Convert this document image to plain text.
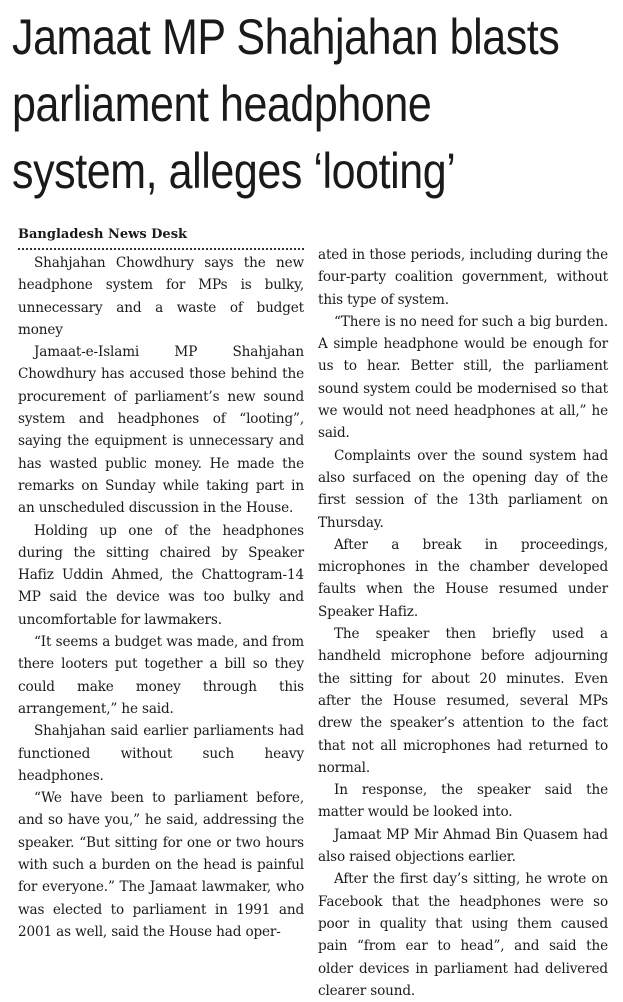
Jamaat MP Shahjahan blasts
parliament headphone
system, alleges ‘looting’
Bangladesh News Desk

Shahjahan Chowdhury says the new headphone system for MPs is bulky, unnecessary and a waste of budget money

Jamaat-e-Islami MP Shahjahan Chowdhury has accused those behind the procurement of parliament’s new sound system and headphones of “looting”, saying the equipment is unnecessary and has wasted public money. He made the remarks on Sunday while taking part in an unscheduled discussion in the House.

Holding up one of the headphones during the sitting chaired by Speaker Hafiz Uddin Ahmed, the Chattogram-14 MP said the device was too bulky and uncomfortable for lawmakers.

“It seems a budget was made, and from there looters put together a bill so they could make money through this arrangement,” he said.

Shahjahan said earlier parliaments had functioned without such heavy headphones.

“We have been to parliament before, and so have you,” he said, addressing the speaker. “But sitting for one or two hours with such a burden on the head is painful for everyone.” The Jamaat lawmaker, who was elected to parliament in 1991 and 2001 as well, said the House had oper-

ated in those periods, including during the four-party coalition government, without this type of system.

“There is no need for such a big burden. A simple headphone would be enough for us to hear. Better still, the parliament sound system could be modernised so that we would not need headphones at all,” he said.

Complaints over the sound system had also surfaced on the opening day of the first session of the 13th parliament on Thursday.

After a break in proceedings, microphones in the chamber developed faults when the House resumed under Speaker Hafiz.

The speaker then briefly used a handheld microphone before adjourning the sitting for about 20 minutes. Even after the House resumed, several MPs drew the speaker’s attention to the fact that not all microphones had returned to normal.

In response, the speaker said the matter would be looked into.

Jamaat MP Mir Ahmad Bin Quasem had also raised objections earlier.

After the first day’s sitting, he wrote on Facebook that the headphones were so poor in quality that using them caused pain “from ear to head”, and said the older devices in parliament had delivered clearer sound.
